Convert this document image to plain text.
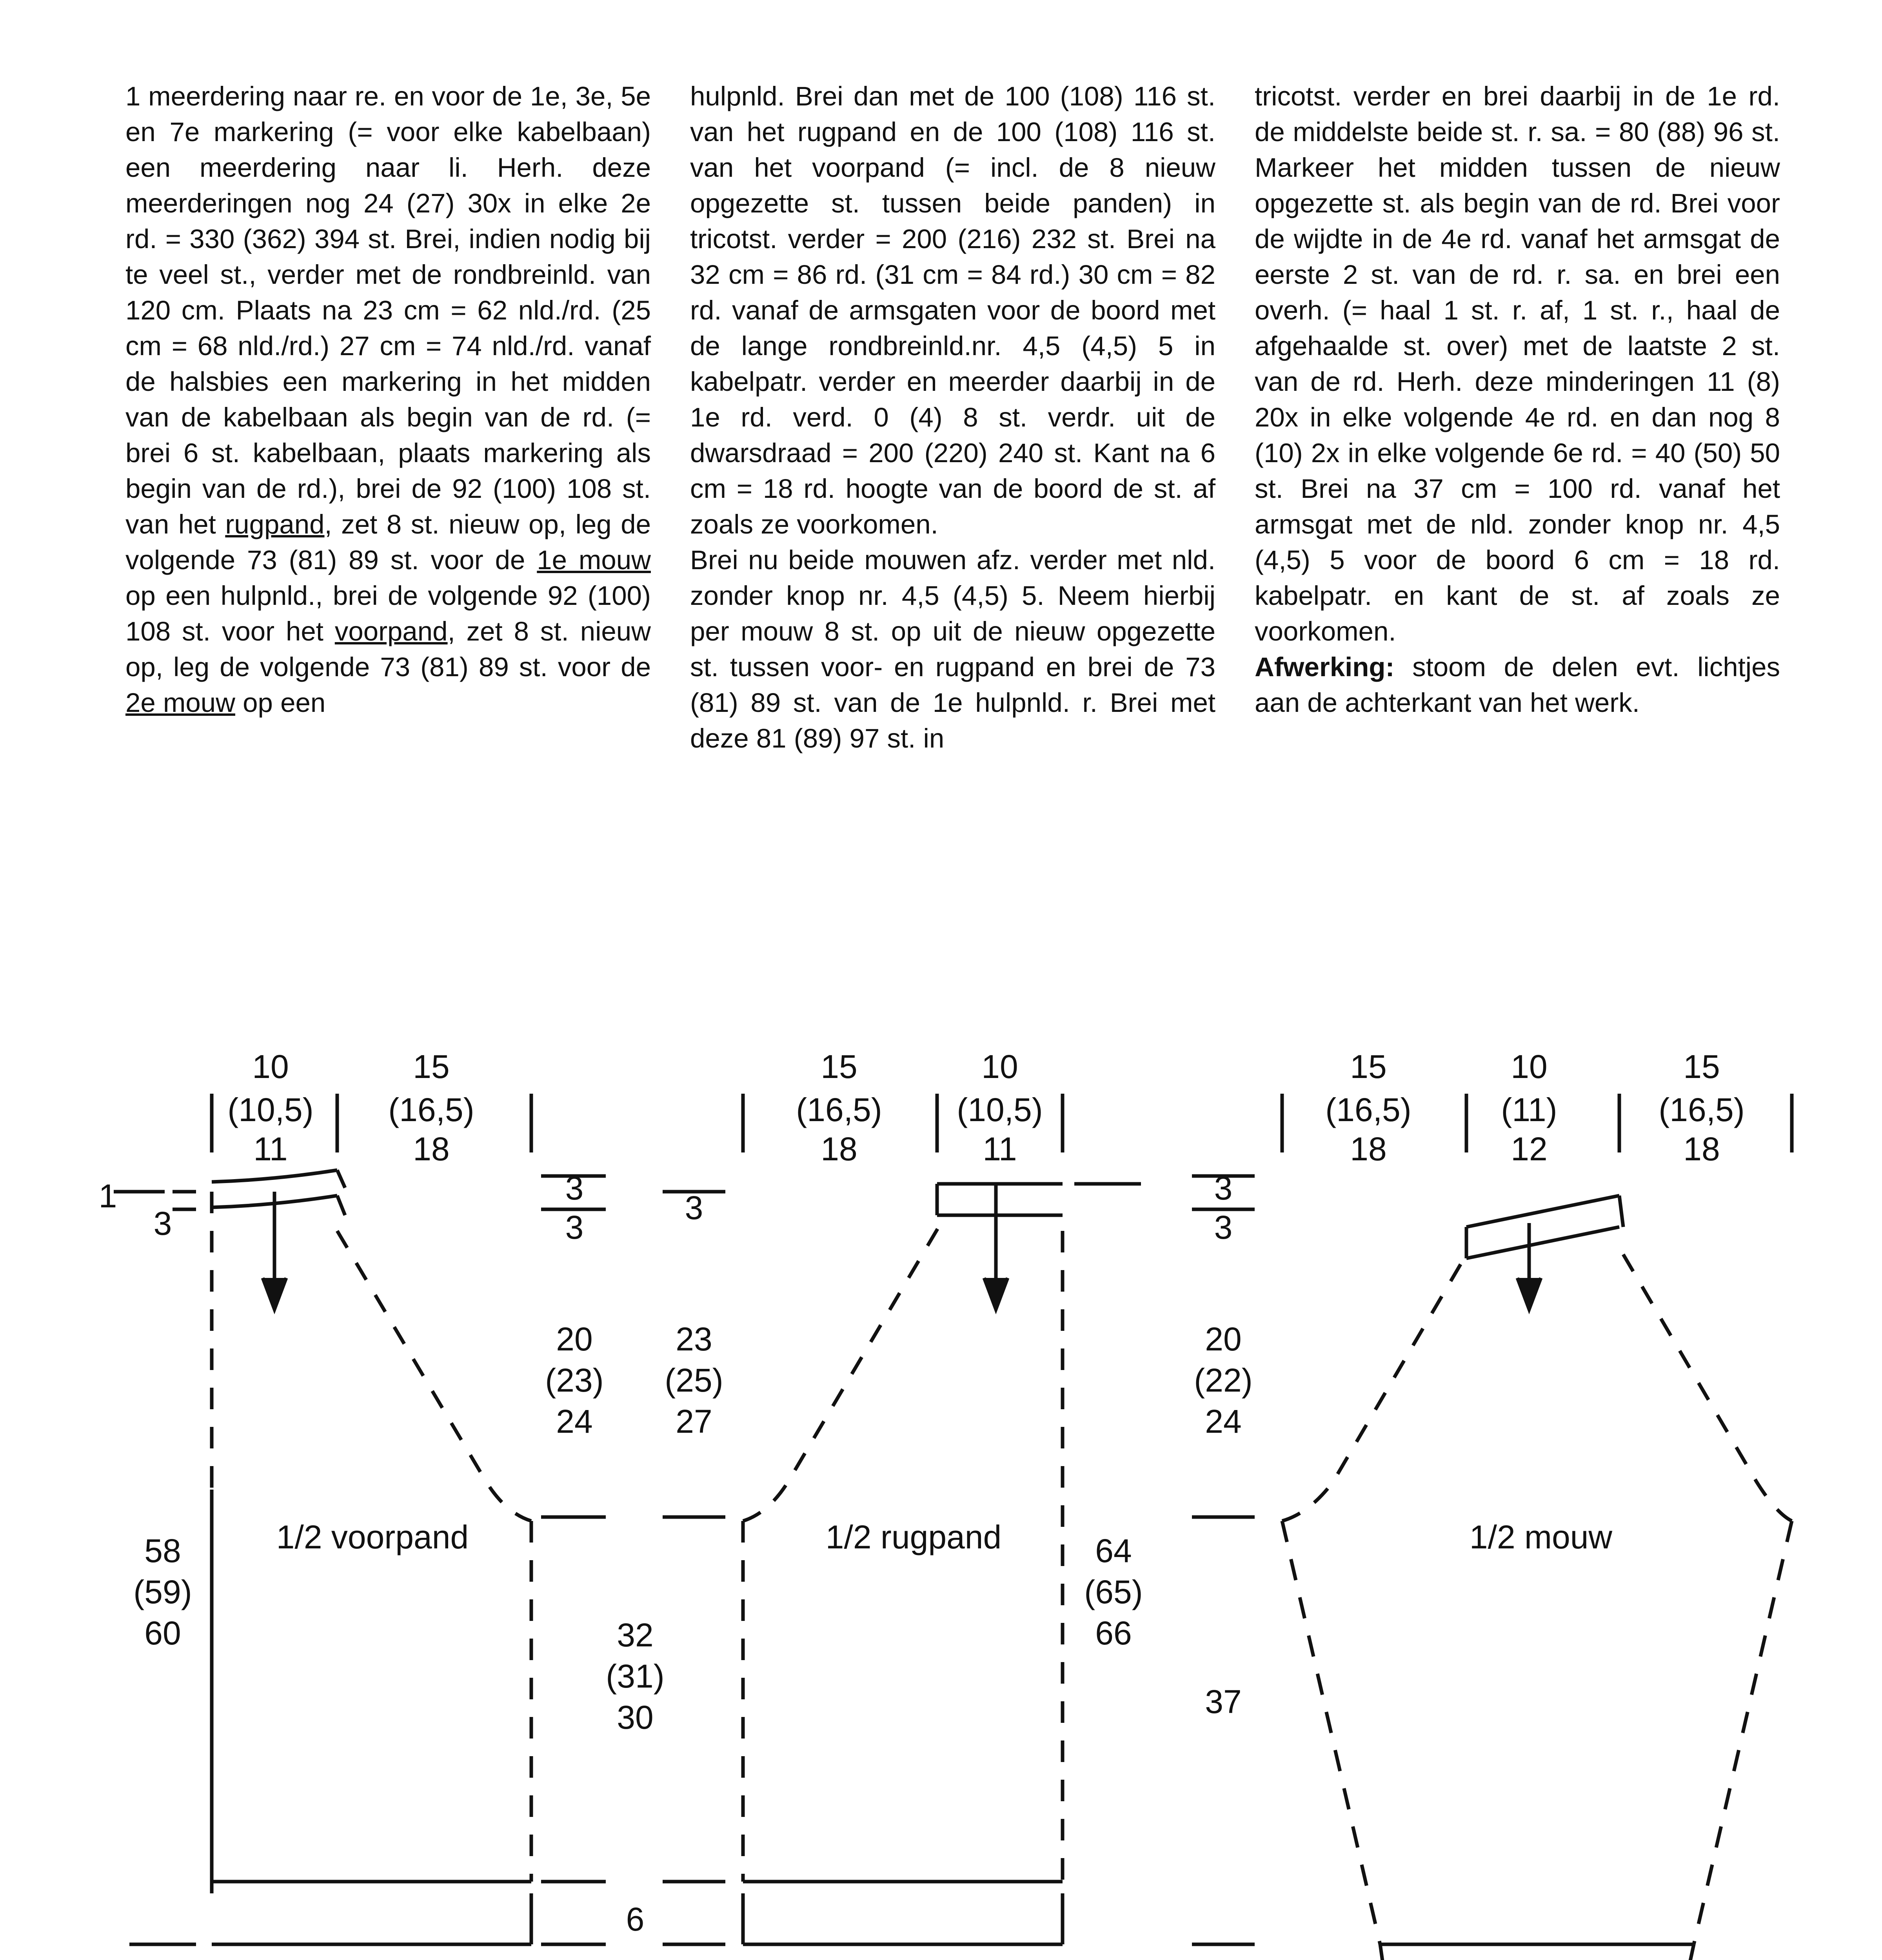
1 meerdering naar re. en voor de 1e, 3e, 5e en 7e markering (= voor elke kabelbaan) een meerdering naar li. Herh. deze meerderingen nog 24 (27) 30x in elke 2e rd. = 330 (362) 394 st. Brei, indien nodig bij te veel st., verder met de rondbreinld. van 120 cm. Plaats na 23 cm = 62 nld./rd. (25 cm = 68 nld./rd.) 27 cm = 74 nld./rd. vanaf de halsbies een markering in het midden van de kabelbaan als begin van de rd. (= brei 6 st. kabelbaan, plaats markering als begin van de rd.), brei de 92 (100) 108 st. van het rugpand, zet 8 st. nieuw op, leg de volgende 73 (81) 89 st. voor de 1e mouw op een hulpnld., brei de volgende 92 (100) 108 st. voor het voorpand, zet 8 st. nieuw op, leg de volgende 73 (81) 89 st. voor de 2e mouw op een

hulpnld. Brei dan met de 100 (108) 116 st. van het rugpand en de 100 (108) 116 st. van het voorpand (= incl. de 8 nieuw opgezette st. tussen beide panden) in tricotst. verder = 200 (216) 232 st. Brei na 32 cm = 86 rd. (31 cm = 84 rd.) 30 cm = 82 rd. vanaf de armsgaten voor de boord met de lange rondbreinld.nr. 4,5 (4,5) 5 in kabelpatr. verder en meerder daarbij in de 1e rd. verd. 0 (4) 8 st. verdr. uit de dwarsdraad = 200 (220) 240 st. Kant na 6 cm = 18 rd. hoogte van de boord de st. af zoals ze voorkomen.

Brei nu beide mouwen afz. verder met nld. zonder knop nr. 4,5 (4,5) 5. Neem hierbij per mouw 8 st. op uit de nieuw opgezette st. tussen voor- en rugpand en brei de 73 (81) 89 st. van de 1e hulpnld. r. Brei met deze 81 (89) 97 st. in

tricotst. verder en brei daarbij in de 1e rd. de middelste beide st. r. sa. = 80 (88) 96 st. Markeer het midden tussen de nieuw opgezette st. als begin van de rd. Brei voor de wijdte in de 4e rd. vanaf het armsgat de eerste 2 st. van de rd. r. sa. en brei een overh. (= haal 1 st. r. af, 1 st. r., haal de afgehaalde st. over) met de laatste 2 st. van de rd. Herh. deze minderingen 11 (8) 20x in elke volgende 4e rd. en dan nog 8 (10) 2x in elke volgende 6e rd. = 40 (50) 50 st. Brei na 37 cm = 100 rd. vanaf het armsgat met de nld. zonder knop nr. 4,5 (4,5) 5 voor de boord 6 cm = 18 rd. kabelpatr. en kant de st. af zoals ze voorkomen.

Afwerking: stoom de delen evt. lichtjes aan de achterkant van het werk.

1/2 voorpand
10
(10,5)
11
15
(16,5)
18
1
3
3
3
20
(23)
24
58
(59)
60	32
(31)
30
6
1/2 rugpand
15
(16,5)
18
10
(10,5)
11
3
23
(25)
27
64
(65)
66
1/2 mouw
15
(16,5)
18
10
(11)
12
15
(16,5)
18
3
3
20
(22)
24
37
